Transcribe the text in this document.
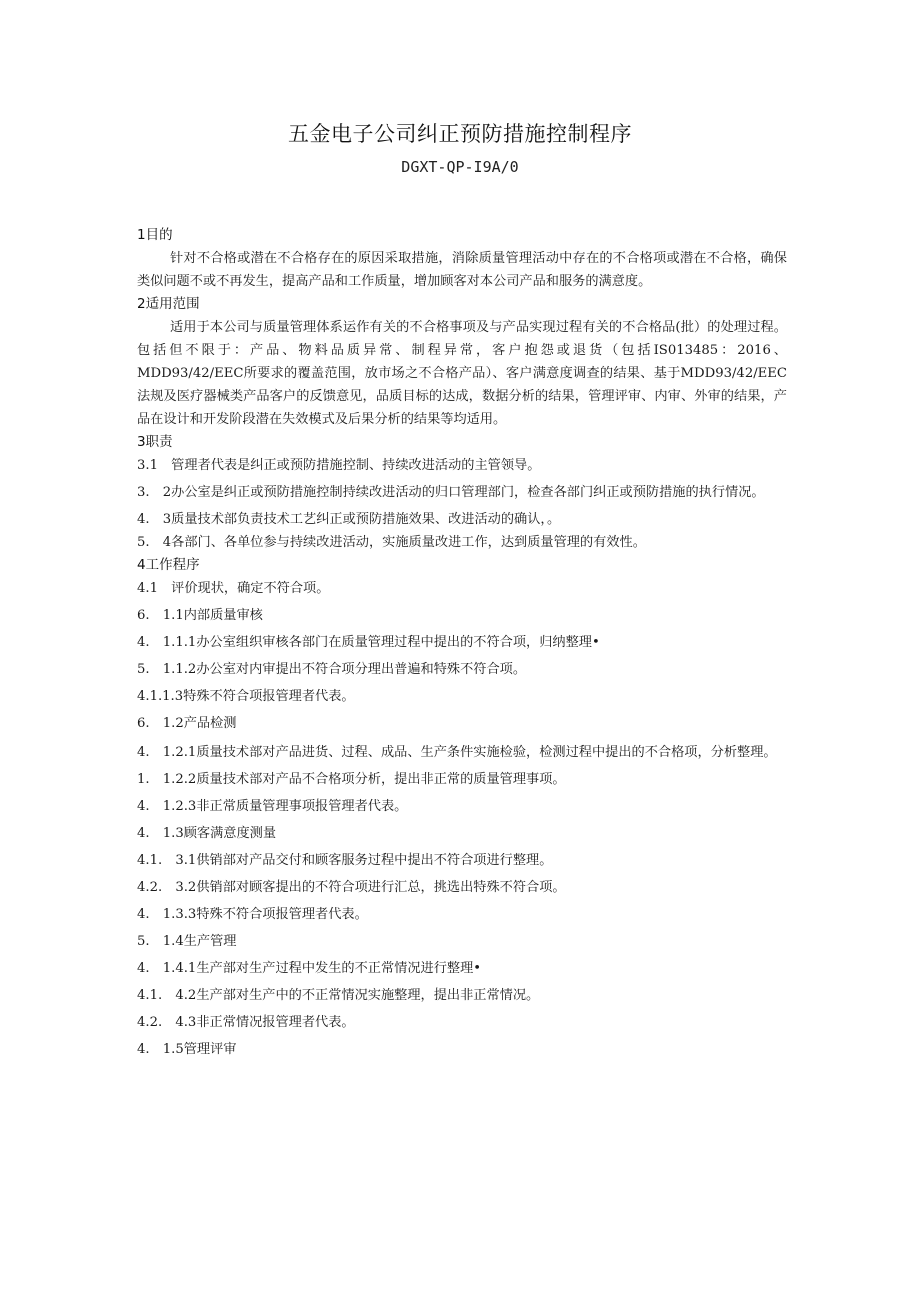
五金电子公司纠正预防措施控制程序
DGXT-QP-I9A/0
1目的

针对不合格或潜在不合格存在的原因采取措施，消除质量管理活动中存在的不合格项或潜在不合格，确保类似问题不或不再发生，提高产品和工作质量，增加顾客对本公司产品和服务的满意度。

2适用范围

适用于本公司与质量管理体系运作有关的不合格事项及与产品实现过程有关的不合格品(批）的处理过程。包括但不限于：产品、物料品质异常、制程异常，客户抱怨或退货（包括IS013485：2016、MDD93/42/EEC所要求的覆盖范围，放市场之不合格产品）、客户满意度调查的结果、基于MDD93/42/EEC法规及医疗器械类产品客户的反馈意见，品质目标的达成，数据分析的结果，管理评审、内审、外审的结果，产品在设计和开发阶段潜在失效模式及后果分析的结果等均适用。

3职责

3.1　管理者代表是纠正或预防措施控制、持续改进活动的主管领导。

3.　2办公室是纠正或预防措施控制持续改进活动的归口管理部门，检查各部门纠正或预防措施的执行情况。

4.　3质量技术部负责技术工艺纠正或预防措施效果、改进活动的确认，。

5.　4各部门、各单位参与持续改进活动，实施质量改进工作，达到质量管理的有效性。

4工作程序

4.1　评价现状，确定不符合项。

6.　1.1内部质量审核

4.　1.1.1办公室组织审核各部门在质量管理过程中提出的不符合项，归纳整理•

5.　1.1.2办公室对内审提出不符合项分理出普遍和特殊不符合项。

4.1.1.3特殊不符合项报管理者代表。

6.　1.2产品检测

4.　1.2.1质量技术部对产品进货、过程、成品、生产条件实施检验，检测过程中提出的不合格项，分析整理。

1.　1.2.2质量技术部对产品不合格项分析，提出非正常的质量管理事项。

4.　1.2.3非正常质量管理事项报管理者代表。

4.　1.3顾客满意度测量

4.1.　3.1供销部对产品交付和顾客服务过程中提出不符合项进行整理。

4.2.　3.2供销部对顾客提出的不符合项进行汇总，挑选出特殊不符合项。

4.　1.3.3特殊不符合项报管理者代表。

5.　1.4生产管理

4.　1.4.1生产部对生产过程中发生的不正常情况进行整理•

4.1.　4.2生产部对生产中的不正常情况实施整理，提出非正常情况。

4.2.　4.3非正常情况报管理者代表。

4.　1.5管理评审
